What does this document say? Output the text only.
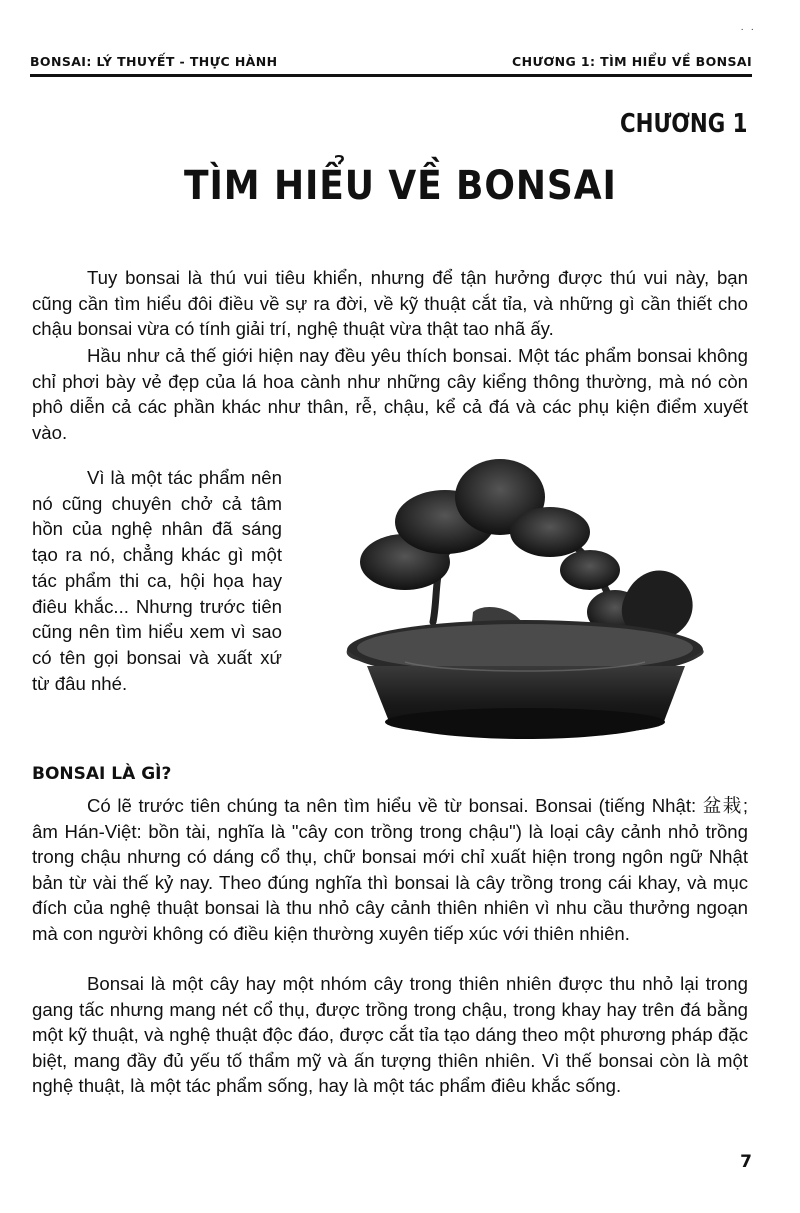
· ·
BONSAI: LÝ THUYẾT - THỰC HÀNH	CHƯƠNG 1: TÌM HIỂU VỀ BONSAI
CHƯƠNG 1
TÌM HIỂU VỀ BONSAI

Tuy bonsai là thú vui tiêu khiển, nhưng để tận hưởng được thú vui này, bạn cũng cần tìm hiểu đôi điều về sự ra đời, về kỹ thuật cắt tỉa, và những gì cần thiết cho chậu bonsai vừa có tính giải trí, nghệ thuật vừa thật tao nhã ấy.

Hầu như cả thế giới hiện nay đều yêu thích bonsai. Một tác phẩm bonsai không chỉ phơi bày vẻ đẹp của lá hoa cành như những cây kiểng thông thường, mà nó còn phô diễn cả các phần khác như thân, rễ, chậu, kể cả đá và các phụ kiện điểm xuyết vào.

Vì là một tác phẩm nên nó cũng chuyên chở cả tâm hồn của nghệ nhân đã sáng tạo ra nó, chẳng khác gì một tác phẩm thi ca, hội họa hay điêu khắc... Nhưng trước tiên cũng nên tìm hiểu xem vì sao có tên gọi bonsai và xuất xứ từ đâu nhé.

BONSAI LÀ GÌ?

Có lẽ trước tiên chúng ta nên tìm hiểu về từ bonsai. Bonsai (tiếng Nhật: 盆栽; âm Hán-Việt: bồn tài, nghĩa là "cây con trồng trong chậu") là loại cây cảnh nhỏ trồng trong chậu nhưng có dáng cổ thụ, chữ bonsai mới chỉ xuất hiện trong ngôn ngữ Nhật bản từ vài thế kỷ nay. Theo đúng nghĩa thì bonsai là cây trồng trong cái khay, và mục đích của nghệ thuật bonsai là thu nhỏ cây cảnh thiên nhiên vì nhu cầu thưởng ngoạn mà con người không có điều kiện thường xuyên tiếp xúc với thiên nhiên.

Bonsai là một cây hay một nhóm cây trong thiên nhiên được thu nhỏ lại trong gang tấc nhưng mang nét cổ thụ, được trồng trong chậu, trong khay hay trên đá bằng một kỹ thuật, và nghệ thuật độc đáo, được cắt tỉa tạo dáng theo một phương pháp đặc biệt, mang đầy đủ yếu tố thẩm mỹ và ấn tượng thiên nhiên. Vì thế bonsai còn là một nghệ thuật, là một tác phẩm sống, hay là một tác phẩm điêu khắc sống.

7
